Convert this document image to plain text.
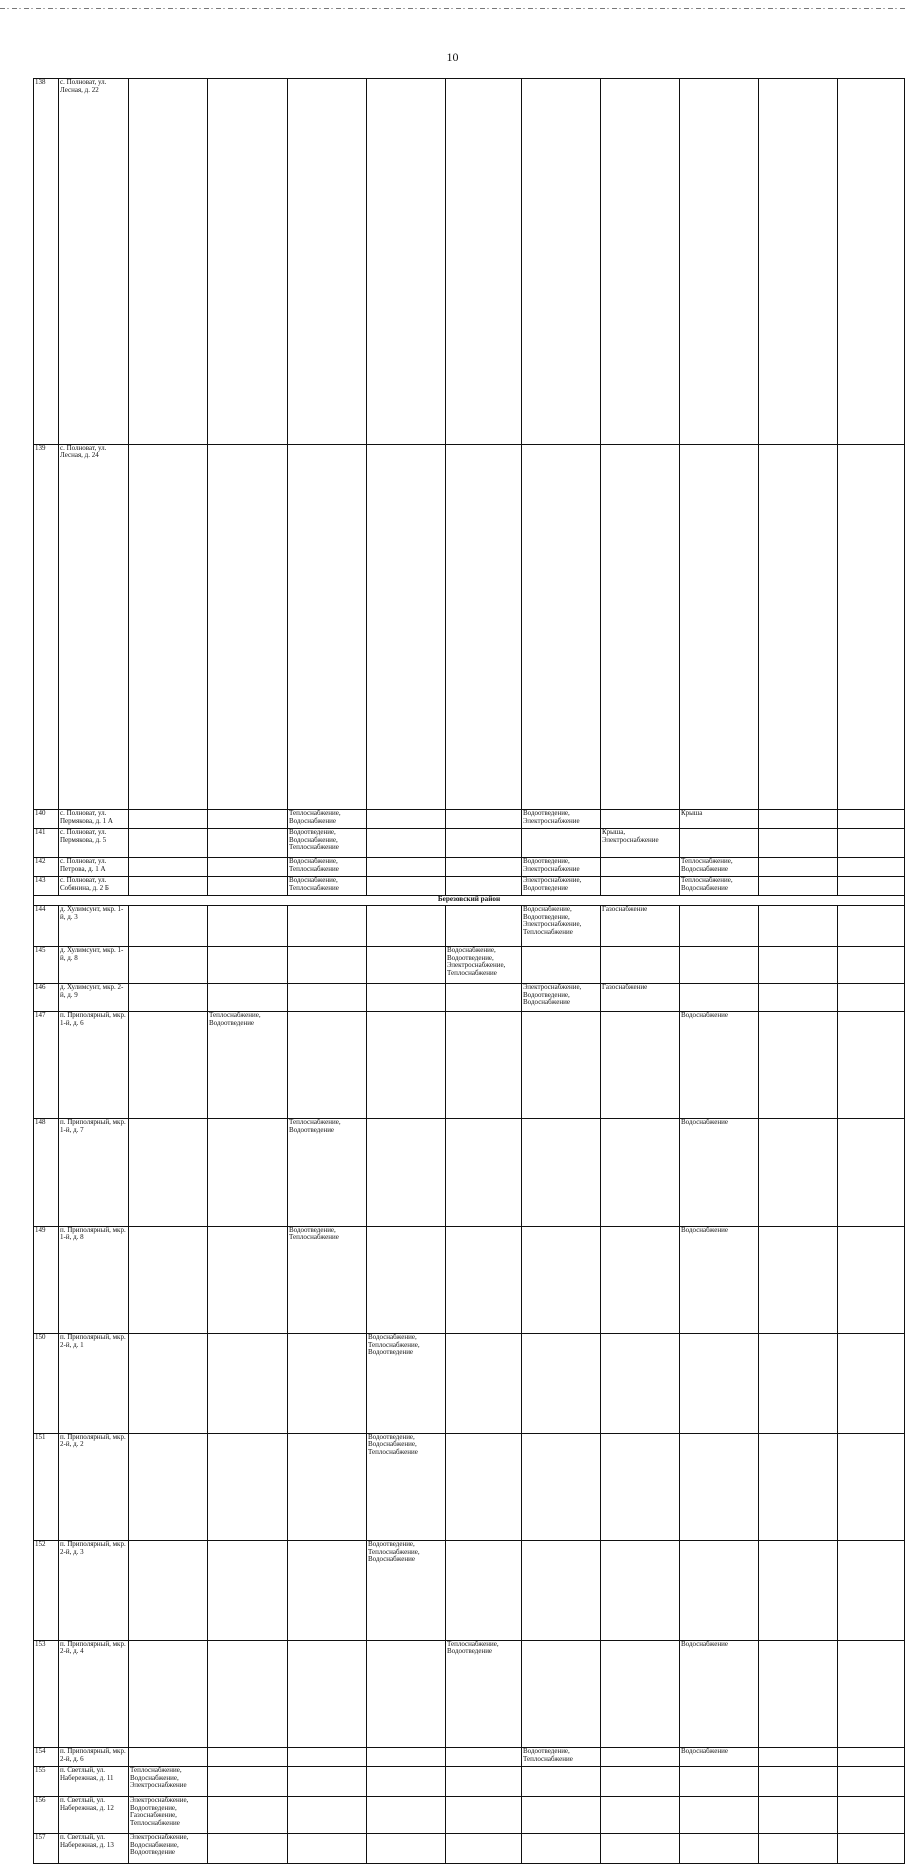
10
138	с. Полноват, ул. Лесная, д. 22											
139	с. Полноват, ул. Лесная, д. 24											
140	с. Полноват, ул. Пермякова, д. 1 А			Теплоснабжение, Водоснабжение			Водоотведение, Электроснабжение		Крыша			
141	с. Полноват, ул. Пермякова, д. 5			Водоотведение, Водоснабжение, Теплоснабжение				Крыша, Электроснабжение				
142	с. Полноват, ул. Петрова, д. 1 А			Водоснабжение, Теплоснабжение			Водоотведение, Электроснабжение		Теплоснабжение, Водоснабжение			
143	с. Полноват, ул. Собянина, д. 2 Б			Водоснабжение, Теплоснабжение			Электроснабжение, Водоотведение		Теплоснабжение, Водоснабжение			
Березовский район												
144	д. Хулимсунт, мкр. 1-й, д. 3						Водоснабжение, Водоотведение, Электроснабжение, Теплоснабжение	Газоснабжение				
145	д. Хулимсунт, мкр. 1-й, д. 8					Водоснабжение, Водоотведение, Электроснабжение, Теплоснабжение						
146	д. Хулимсунт, мкр. 2-й, д. 9						Электроснабжение, Водоотведение, Водоснабжение	Газоснабжение				
147	п. Приполярный, мкр. 1-й, д. 6		Теплоснабжение, Водоотведение						Водоснабжение			
148	п. Приполярный, мкр. 1-й, д. 7			Теплоснабжение, Водоотведение					Водоснабжение			
149	п. Приполярный, мкр. 1-й, д. 8			Водоотведение, Теплоснабжение					Водоснабжение			
150	п. Приполярный, мкр. 2-й, д. 1				Водоснабжение, Теплоснабжение, Водоотведение							
151	п. Приполярный, мкр. 2-й, д. 2				Водоотведение, Водоснабжение, Теплоснабжение							
152	п. Приполярный, мкр. 2-й, д. 3				Водоотведение, Теплоснабжение, Водоснабжение							
153	п. Приполярный, мкр. 2-й, д. 4					Теплоснабжение, Водоотведение			Водоснабжение			
154	п. Приполярный, мкр. 2-й, д. 6						Водоотведение, Теплоснабжение		Водоснабжение			
155	п. Светлый, ул. Набережная, д. 11	Теплоснабжение, Водоснабжение, Электроснабжение										
156	п. Светлый, ул. Набережная, д. 12	Электроснабжение, Водоотведение, Газоснабжение, Теплоснабжение										
157	п. Светлый, ул. Набережная, д. 13	Электроснабжение, Водоснабжение, Водоотведение										
